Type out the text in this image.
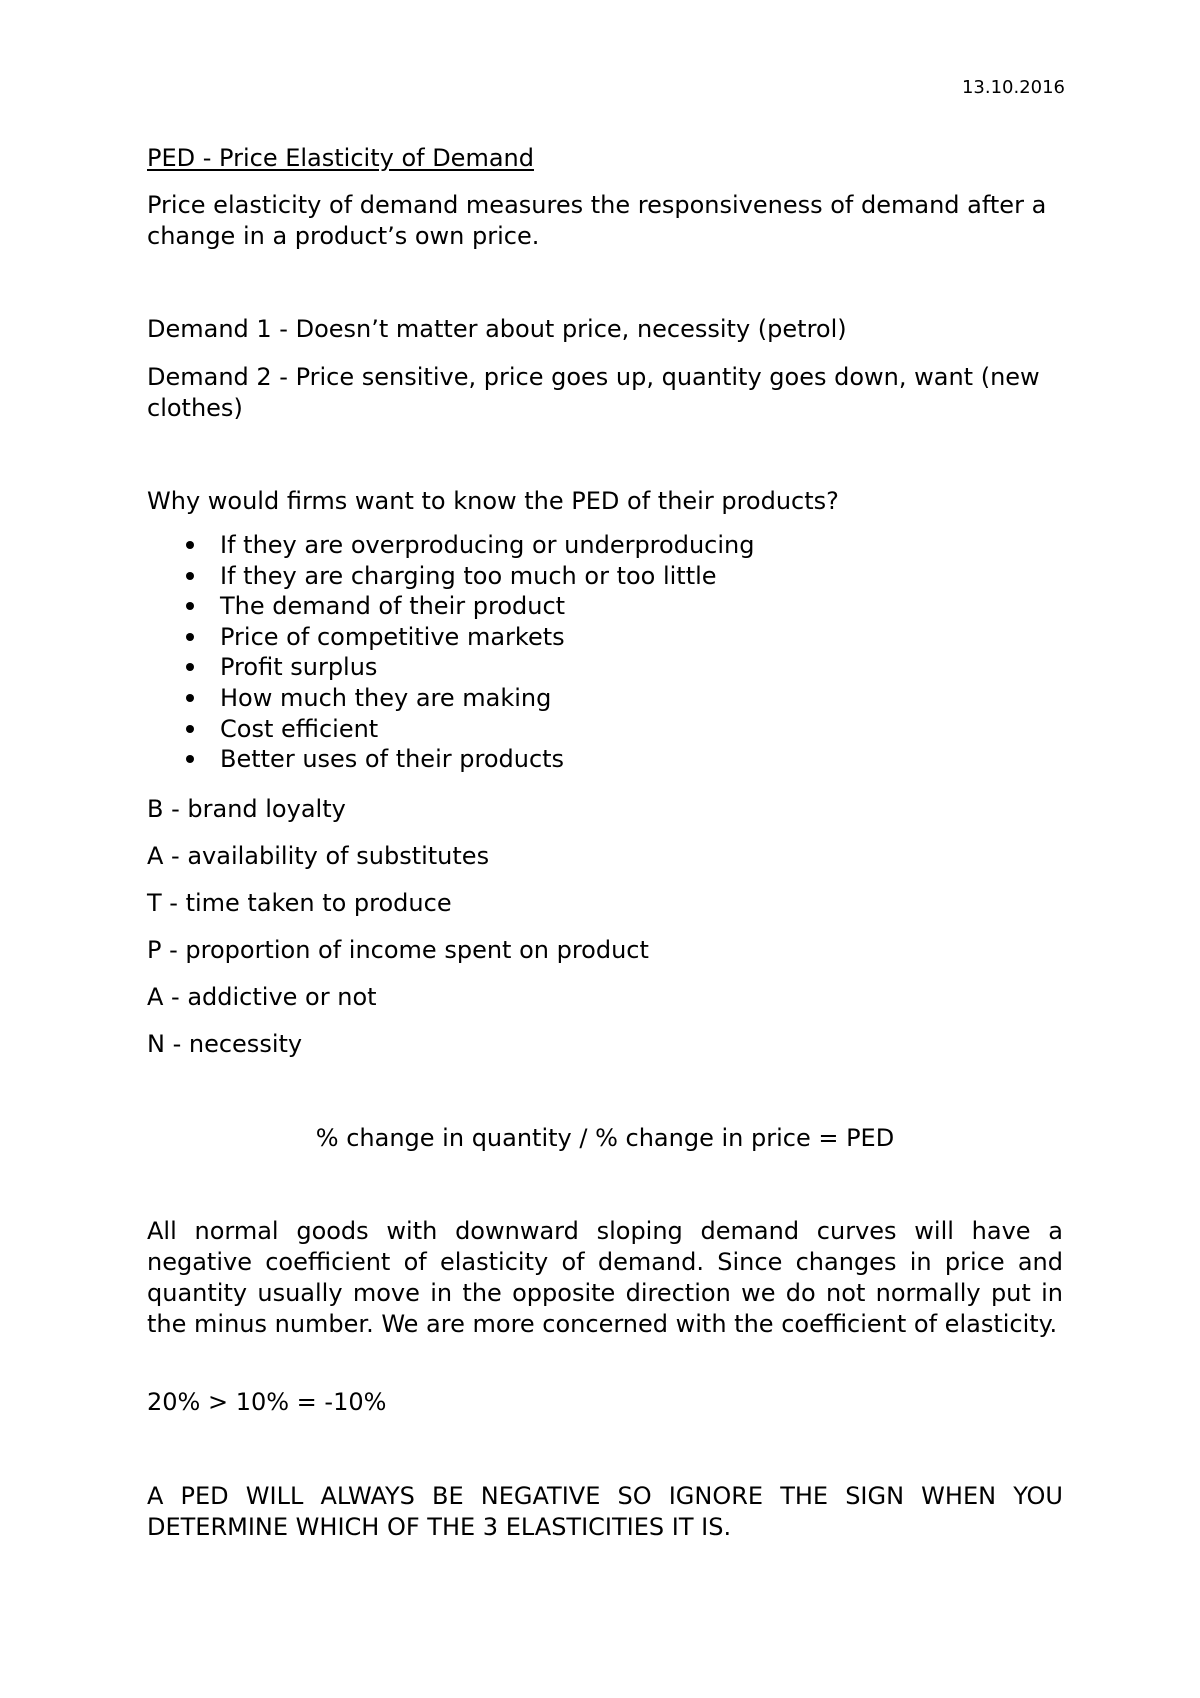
13.10.2016

PED - Price Elasticity of Demand

Price elasticity of demand measures the responsiveness of demand after a change in a product’s own price.

Demand 1 - Doesn’t matter about price, necessity (petrol)

Demand 2 - Price sensitive, price goes up, quantity goes down, want (new clothes)

Why would firms want to know the PED of their products?

If they are overproducing or underproducing
If they are charging too much or too little
The demand of their product
Price of competitive markets
Profit surplus
How much they are making
Cost efficient
Better uses of their products

B - brand loyalty

A - availability of substitutes

T - time taken to produce

P - proportion of income spent on product

A - addictive or not

N - necessity

% change in quantity / % change in price = PED

All normal goods with downward sloping demand curves will have a negative coefficient of elasticity of demand. Since changes in price and quantity usually move in the opposite direction we do not normally put in the minus number. We are more concerned with the coefficient of elasticity.

20% > 10% = -10%

A PED WILL ALWAYS BE NEGATIVE SO IGNORE THE SIGN WHEN YOU DETERMINE WHICH OF THE 3 ELASTICITIES IT IS.
